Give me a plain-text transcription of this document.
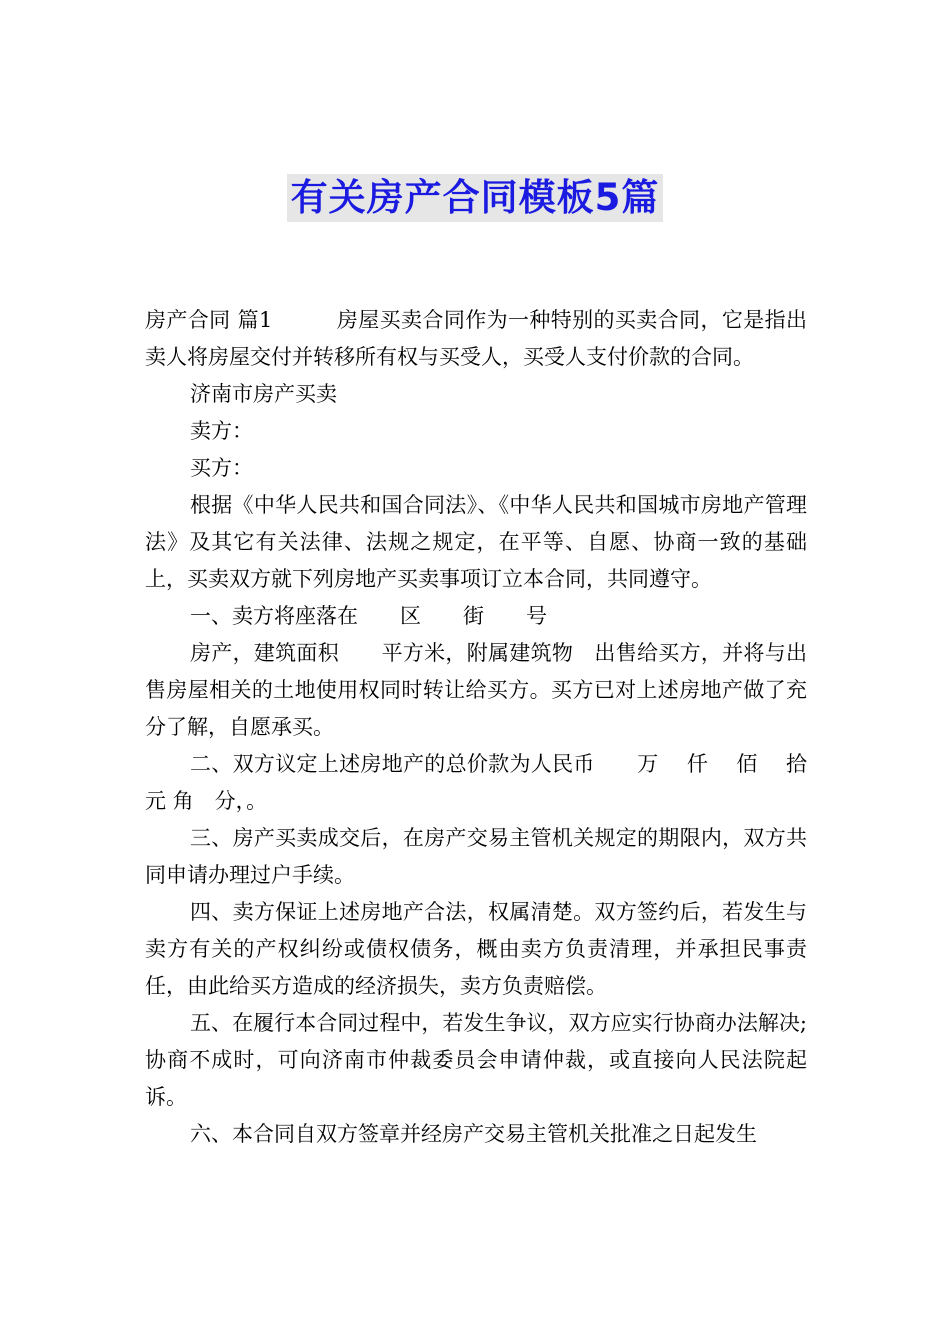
有关房产合同模板5篇

房产合同 篇1　　　房屋买卖合同作为一种特别的买卖合同，它是指出卖人将房屋交付并转移所有权与买受人，买受人支付价款的合同。

济南市房产买卖

卖方：

买方：

根据《中华人民共和国合同法》、《中华人民共和国城市房地产管理法》及其它有关法律、法规之规定，在平等、自愿、协商一致的基础上，买卖双方就下列房地产买卖事项订立本合同，共同遵守。

一、卖方将座落在　　区　　街　　号

房产，建筑面积　　平方米，附属建筑物　出售给买方，并将与出售房屋相关的土地使用权同时转让给买方。买方已对上述房地产做了充分了解，自愿承买。

二、双方议定上述房地产的总价款为人民币　　万　 仟　 佰　 拾元 角　分，。

三、房产买卖成交后，在房产交易主管机关规定的期限内，双方共同申请办理过户手续。

四、卖方保证上述房地产合法，权属清楚。双方签约后，若发生与卖方有关的产权纠纷或债权债务，概由卖方负责清理，并承担民事责任，由此给买方造成的经济损失，卖方负责赔偿。

五、在履行本合同过程中，若发生争议，双方应实行协商办法解决;协商不成时，可向济南市仲裁委员会申请仲裁，或直接向人民法院起诉。

六、本合同自双方签章并经房产交易主管机关批准之日起发生
